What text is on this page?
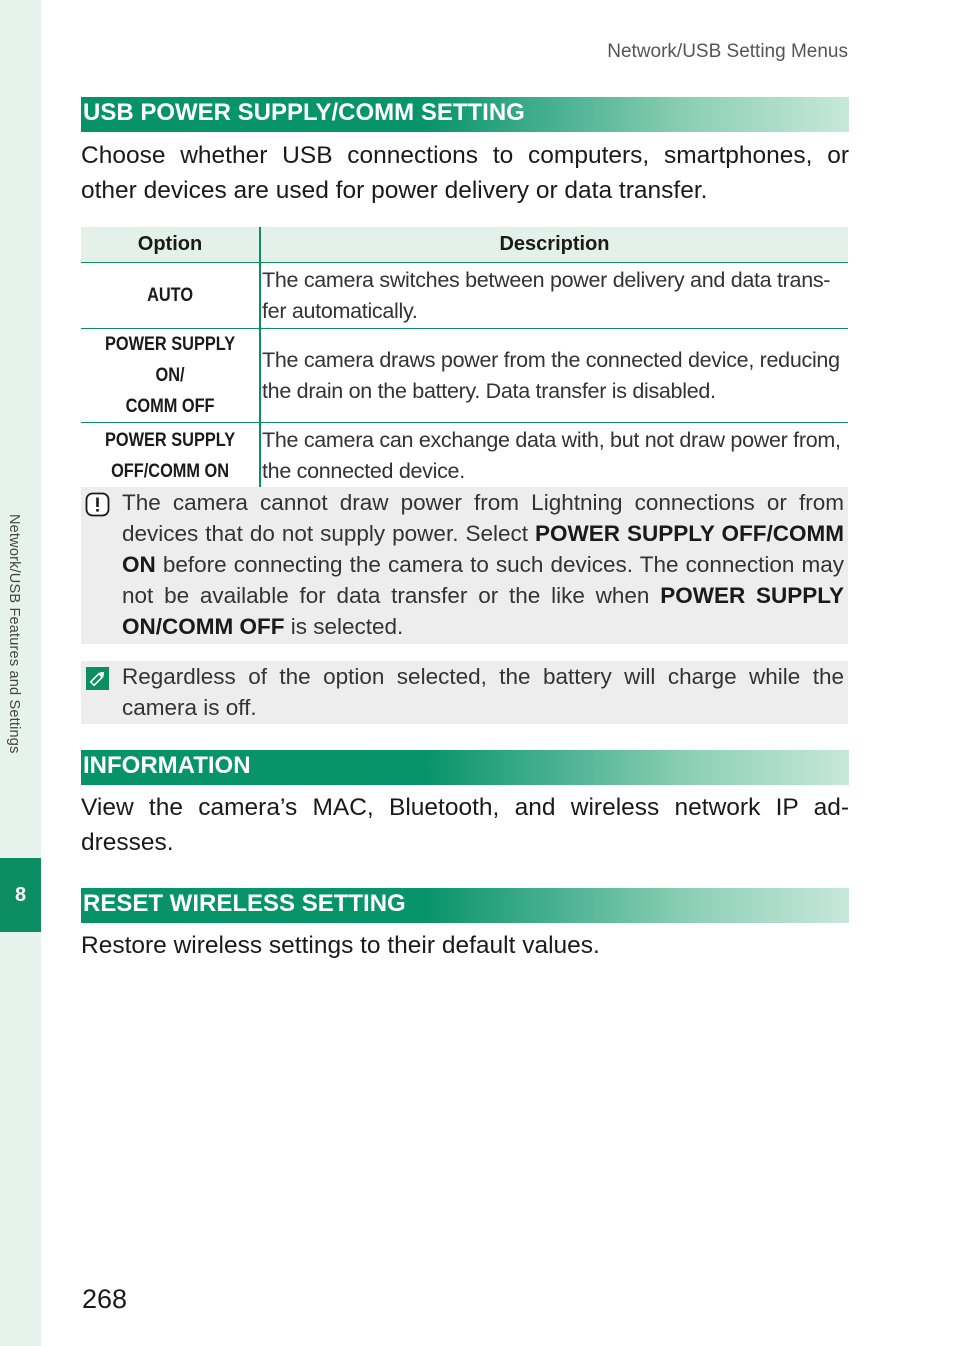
Network/USB Features and Settings
8
Network/USB Setting Menus
USB POWER SUPPLY/COMM SETTING
Choose whether USB connections to computers, smartphones, or other devices are used for power delivery or data transfer.
Option	Description
AUTO	The camera switches between power delivery and data trans-fer automatically.

POWER SUPPLY ON/
COMM OFF	The camera draws power from the connected device, reducing the drain on the battery. Data transfer is disabled.

POWER SUPPLY
OFF/COMM ON	The camera can exchange data with, but not draw power from, the connected device.
The camera cannot draw power from Lightning connections or from devices that do not supply power. Select POWER SUPPLY OFF/COMM ON before connecting the camera to such devices. The connection may not be available for data transfer or the like when POWER SUPPLY ON/COMM OFF is selected.
Regardless of the option selected, the battery will charge while the camera is off.
INFORMATION
View the camera’s MAC, Bluetooth, and wireless network IP ad-dresses.
RESET WIRELESS SETTING
Restore wireless settings to their default values.
268
